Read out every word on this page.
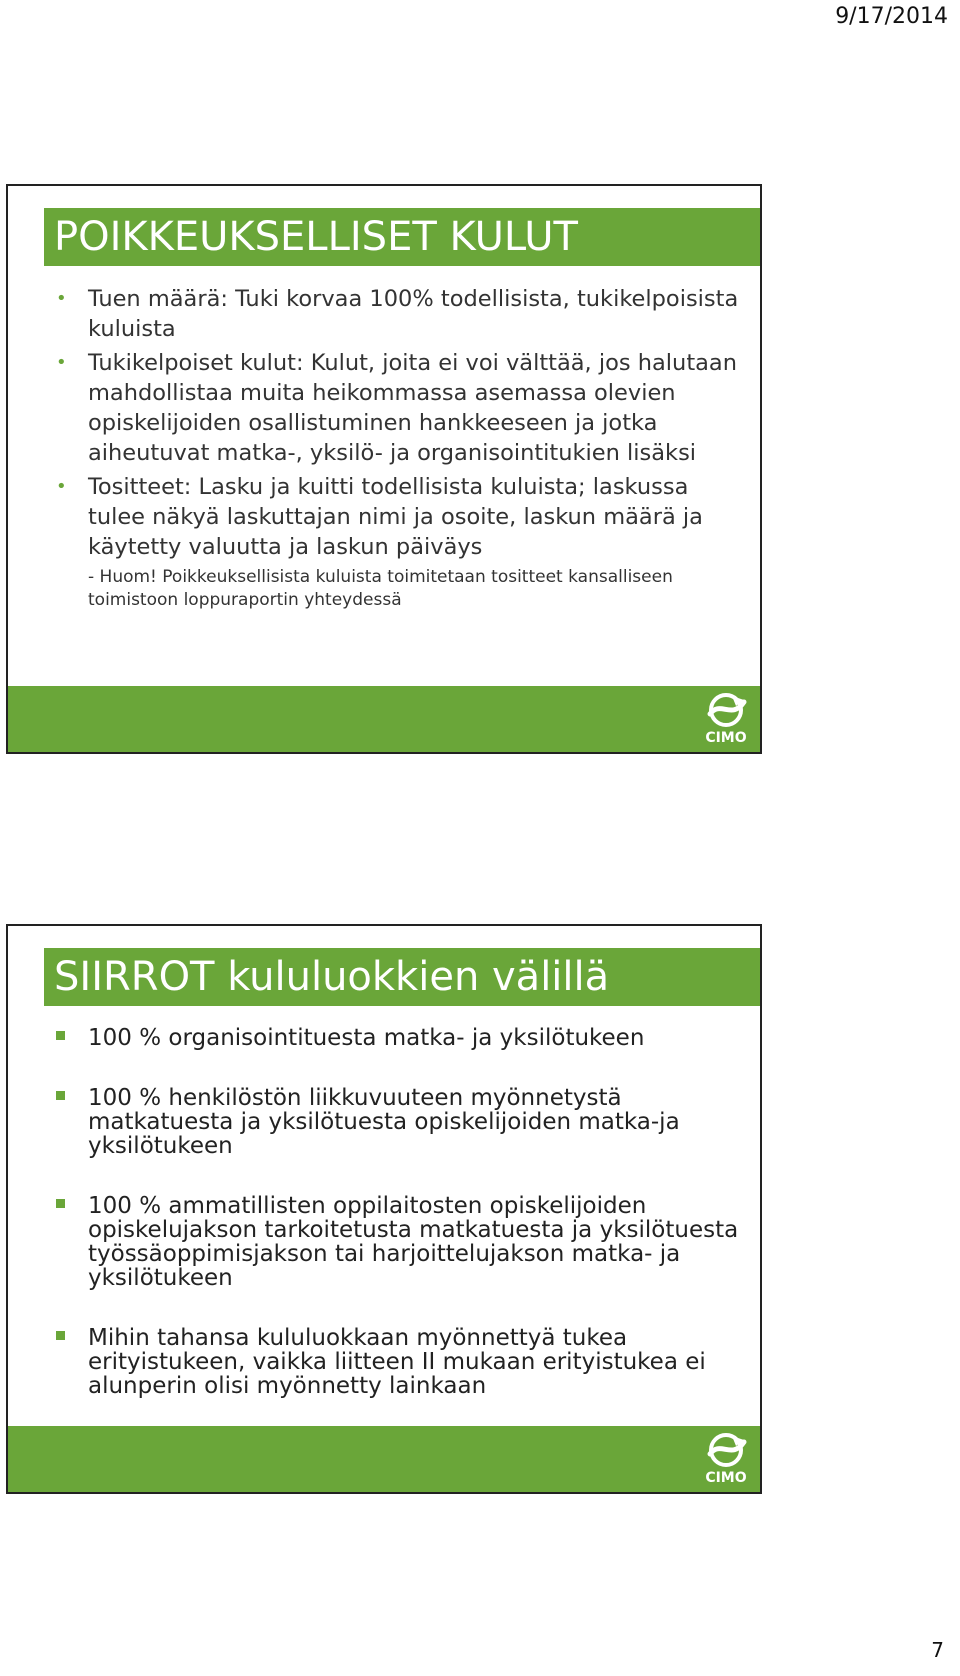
9/17/2014
POIKKEUKSELLISET KULUT
• Tuen määrä: Tuki korvaa 100% todellisista, tukikelpoisista kuluista
• Tukikelpoiset kulut: Kulut, joita ei voi välttää, jos halutaan mahdollistaa muita heikommassa asemassa olevien opiskelijoiden osallistuminen hankkeeseen ja jotka aiheutuvat matka-, yksilö- ja organisointitukien lisäksi
• Tositteet: Lasku ja kuitti todellisista kuluista; laskussa tulee näkyä laskuttajan nimi ja osoite, laskun määrä ja käytetty valuutta ja laskun päiväys
- Huom! Poikkeuksellisista kuluista toimitetaan tositteet kansalliseen toimistoon loppuraportin yhteydessä
CIMO
SIIRROT kululuokkien välillä
100 % organisointituesta matka- ja yksilötukeen
100 % henkilöstön liikkuvuuteen myönnetystä matkatuesta ja yksilötuesta opiskelijoiden matka-ja yksilötukeen
100 % ammatillisten oppilaitosten opiskelijoiden opiskelujakson tarkoitetusta matkatuesta ja yksilötuesta työssäoppimisjakson tai harjoittelujakson matka- ja yksilötukeen
Mihin tahansa kululuokkaan myönnettyä tukea erityistukeen, vaikka liitteen II mukaan erityistukea ei alunperin olisi myönnetty lainkaan
CIMO
7
